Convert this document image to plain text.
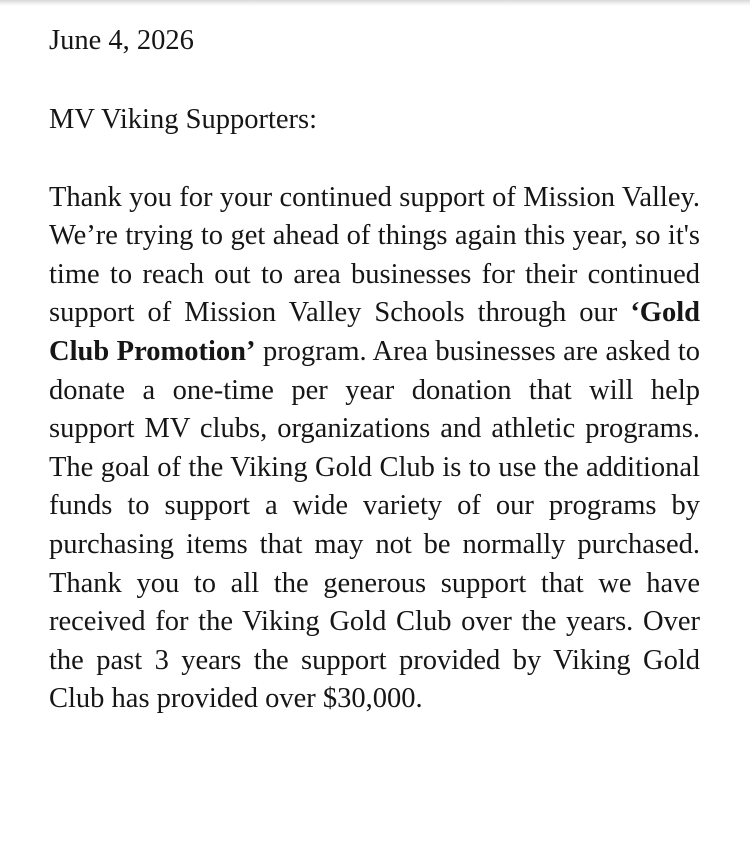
June 4, 2026

MV Viking Supporters:

Thank you for your continued support of Mission Valley. We’re trying to get ahead of things again this year, so it's time to reach out to area businesses for their continued support of Mission Valley Schools through our ‘Gold Club Promotion’ program. Area businesses are asked to donate a one-time per year donation that will help support MV clubs, organizations and athletic programs. The goal of the Viking Gold Club is to use the additional funds to support a wide variety of our programs by purchasing items that may not be normally purchased. Thank you to all the generous support that we have received for the Viking Gold Club over the years. Over the past 3 years the support provided by Viking Gold Club has provided over $30,000.
